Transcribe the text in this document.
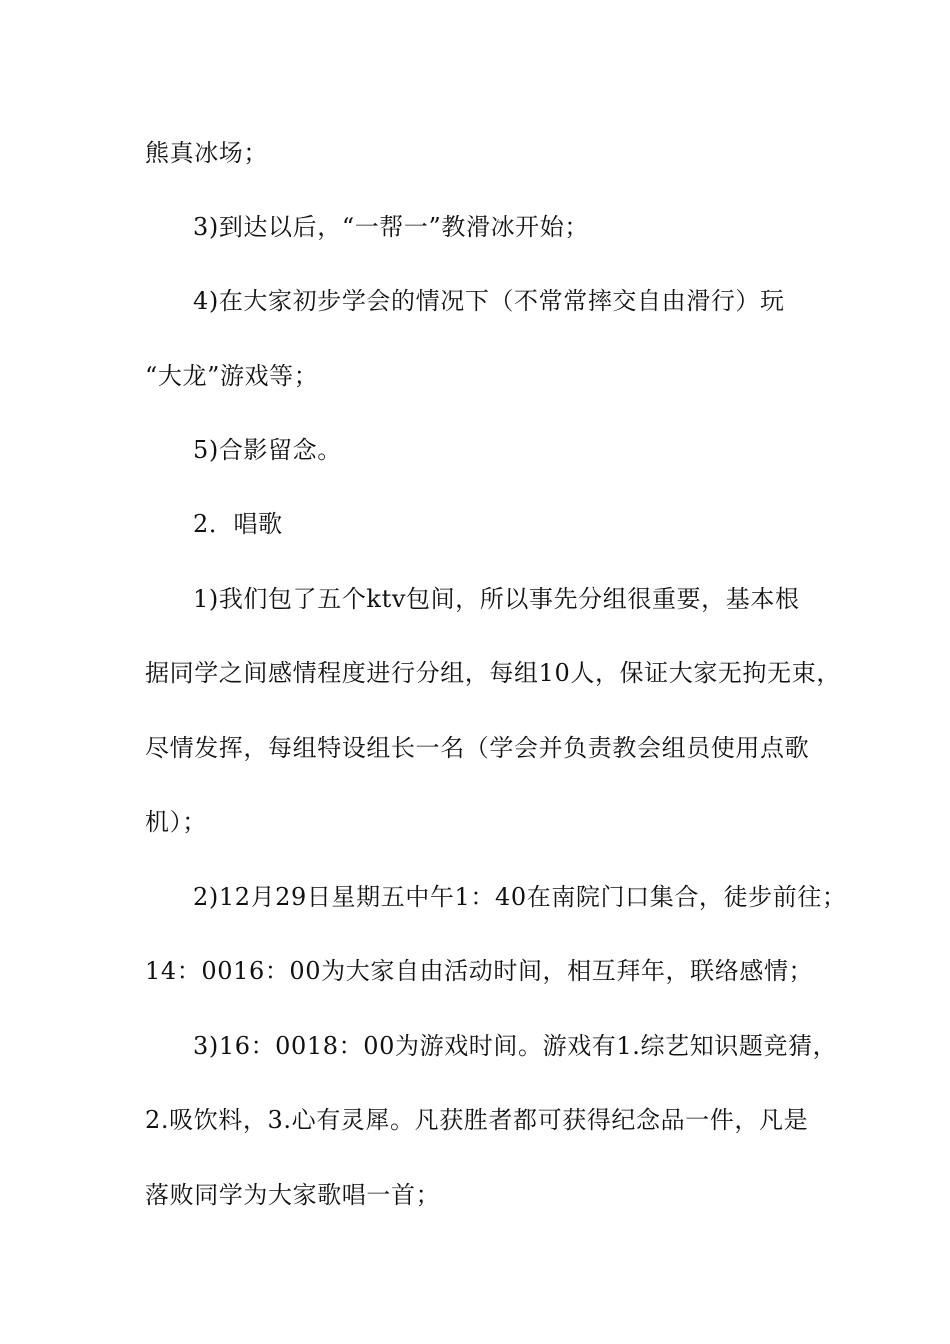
熊真冰场；
3)到达以后，“一帮一”教滑冰开始；
4)在大家初步学会的情况下（不常常摔交自由滑行）玩
“大龙”游戏等；
5)合影留念。
2．唱歌
1)我们包了五个ktv包间，所以事先分组很重要，基本根
据同学之间感情程度进行分组，每组10人，保证大家无拘无束，
尽情发挥，每组特设组长一名（学会并负责教会组员使用点歌
机）；
2)12月29日星期五中午1：40在南院门口集合，徒步前往；
14：0016：00为大家自由活动时间，相互拜年，联络感情；
3)16：0018：00为游戏时间。游戏有1.综艺知识题竞猜，
2.吸饮料，3.心有灵犀。凡获胜者都可获得纪念品一件，凡是
落败同学为大家歌唱一首；
